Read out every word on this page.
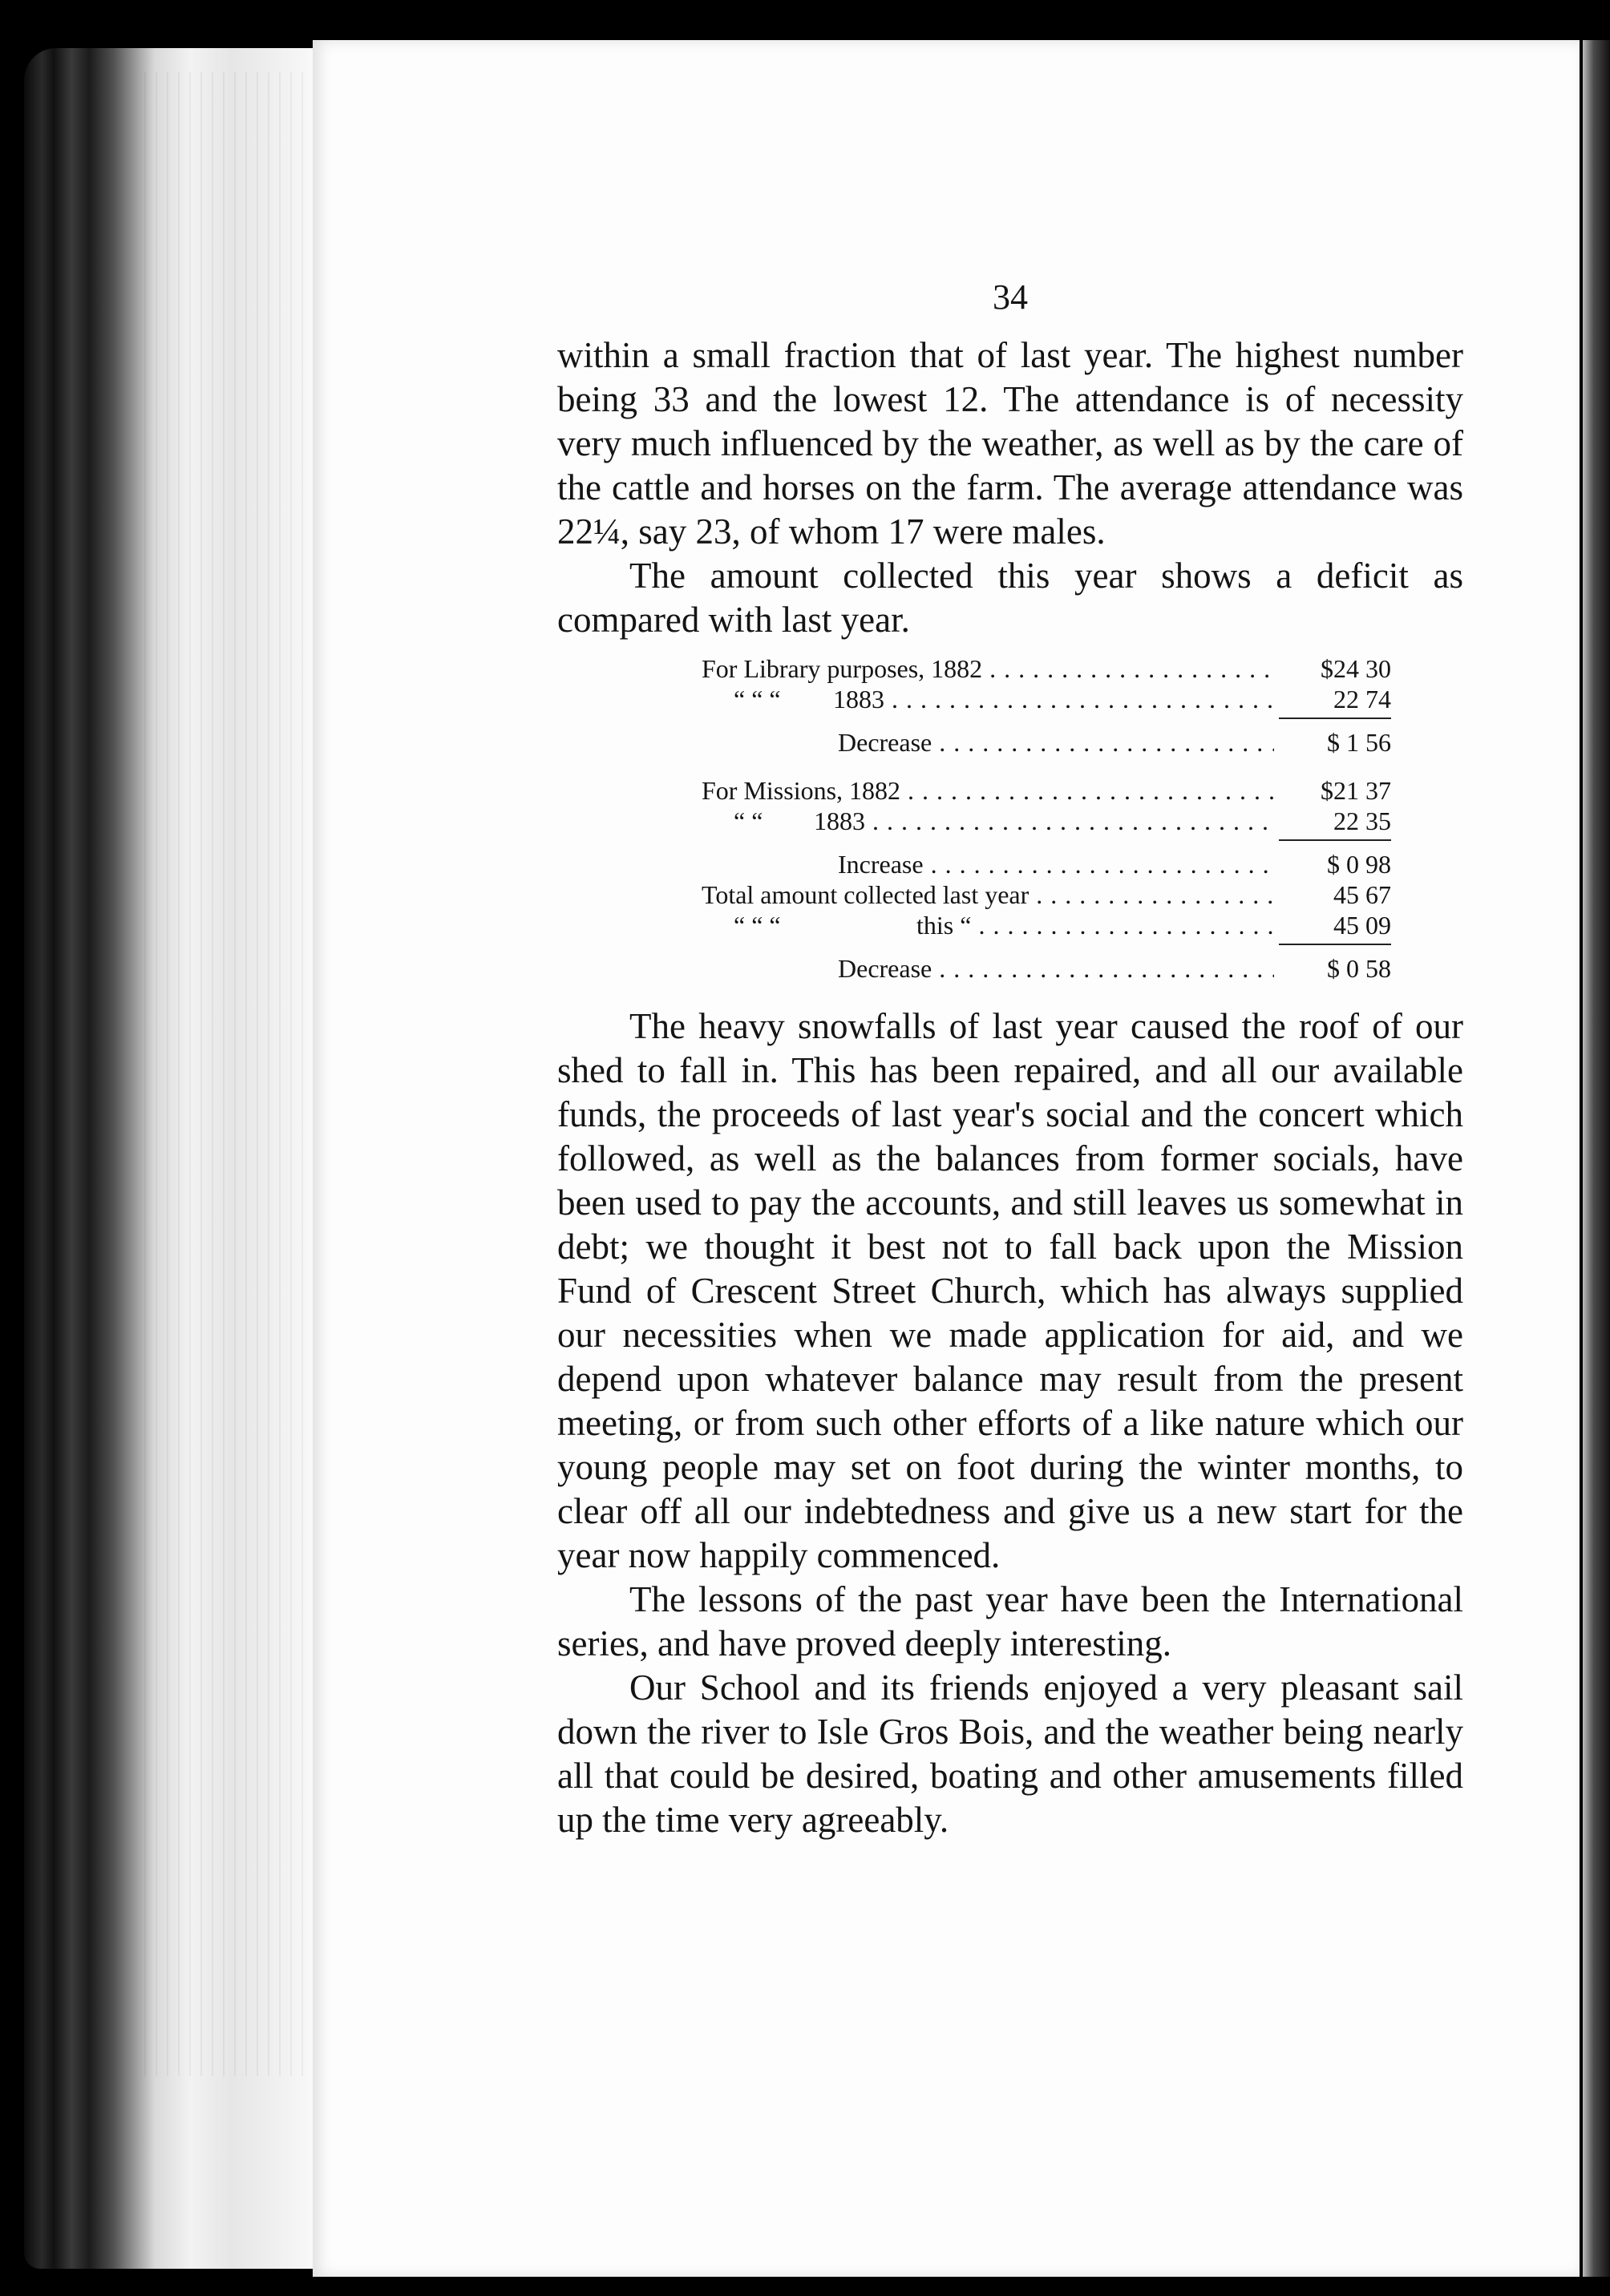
34

within a small fraction that of last year. The highest number being 33 and the lowest 12. The attendance is of necessity very much influenced by the weather, as well as by the care of the cattle and horses on the farm. The average attendance was 22¼, say 23, of whom 17 were males.

The amount collected this year shows a deficit as compared with last year.

For Library purposes, 1882 . . .	$24 30
“ “ “ 1883 . . .	22 74
Decrease . . .	$ 1 56
For Missions, 1882 . . .	$21 37
“ “ 1883 . . .	22 35
Increase . . .	$ 0 98
Total amount collected last year . . .	45 67
“ “ “	this “ . . .	45 09
Decrease . . .	$ 0 58

The heavy snowfalls of last year caused the roof of our shed to fall in. This has been repaired, and all our available funds, the proceeds of last year's social and the concert which followed, as well as the balances from former socials, have been used to pay the accounts, and still leaves us somewhat in debt; we thought it best not to fall back upon the Mission Fund of Crescent Street Church, which has always supplied our necessities when we made application for aid, and we depend upon whatever balance may result from the present meeting, or from such other efforts of a like nature which our young people may set on foot during the winter months, to clear off all our indebtedness and give us a new start for the year now happily commenced.

The lessons of the past year have been the International series, and have proved deeply interesting.

Our School and its friends enjoyed a very pleasant sail down the river to Isle Gros Bois, and the weather being nearly all that could be desired, boating and other amusements filled up the time very agreeably.
